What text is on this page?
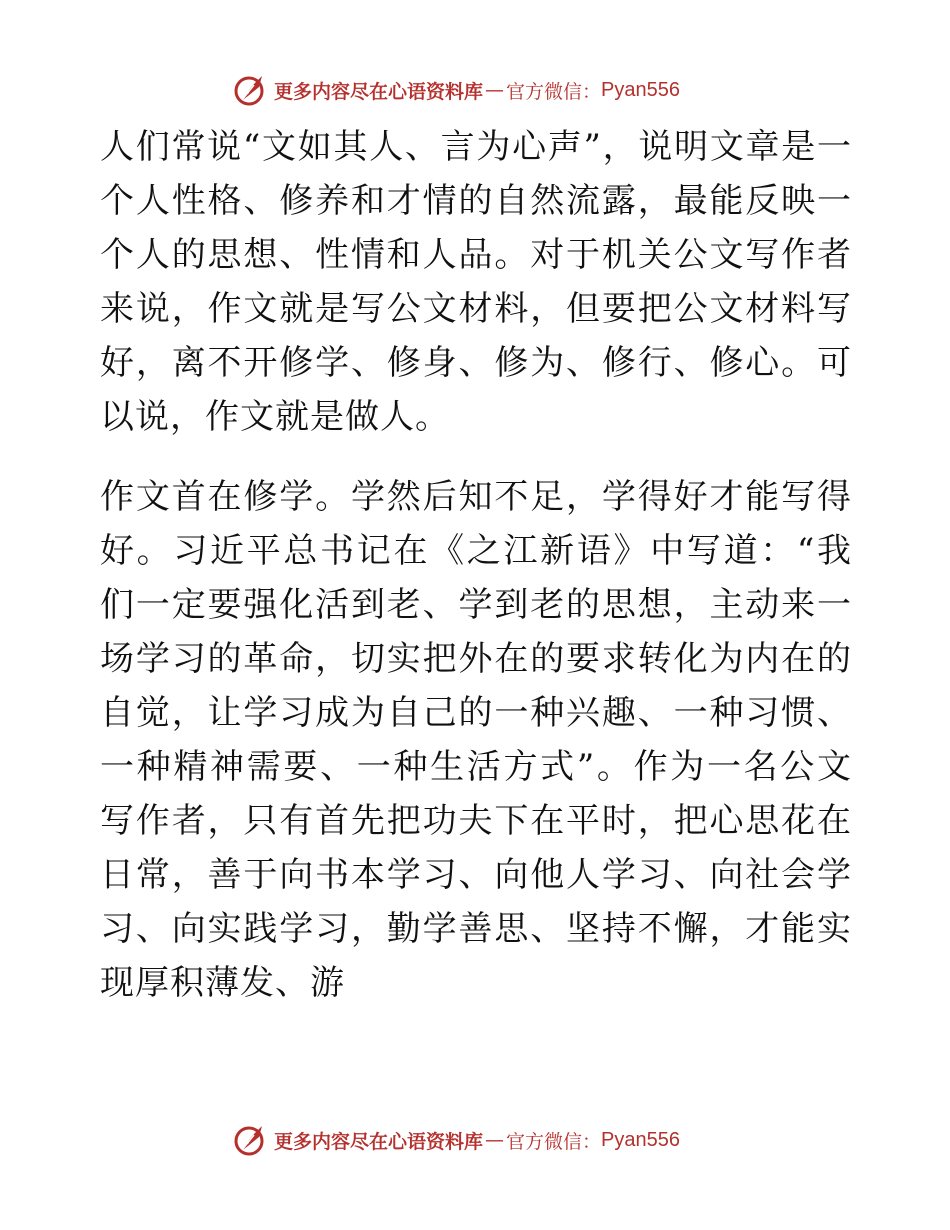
更多内容尽在心语资料库 — 官方微信： Pyan556

人们常说“文如其人、言为心声”，说明文章是一个人性格、修养和才情的自然流露，最能反映一个人的思想、性情和人品。对于机关公文写作者来说，作文就是写公文材料，但要把公文材料写好，离不开修学、修身、修为、修行、修心。可以说，作文就是做人。

作文首在修学。学然后知不足，学得好才能写得好。习近平总书记在《之江新语》中写道：“我们一定要强化活到老、学到老的思想，主动来一场学习的革命，切实把外在的要求转化为内在的自觉，让学习成为自己的一种兴趣、一种习惯、一种精神需要、一种生活方式”。作为一名公文写作者，只有首先把功夫下在平时，把心思花在日常，善于向书本学习、向他人学习、向社会学习、向实践学习，勤学善思、坚持不懈，才能实现厚积薄发、游

更多内容尽在心语资料库 — 官方微信： Pyan556
